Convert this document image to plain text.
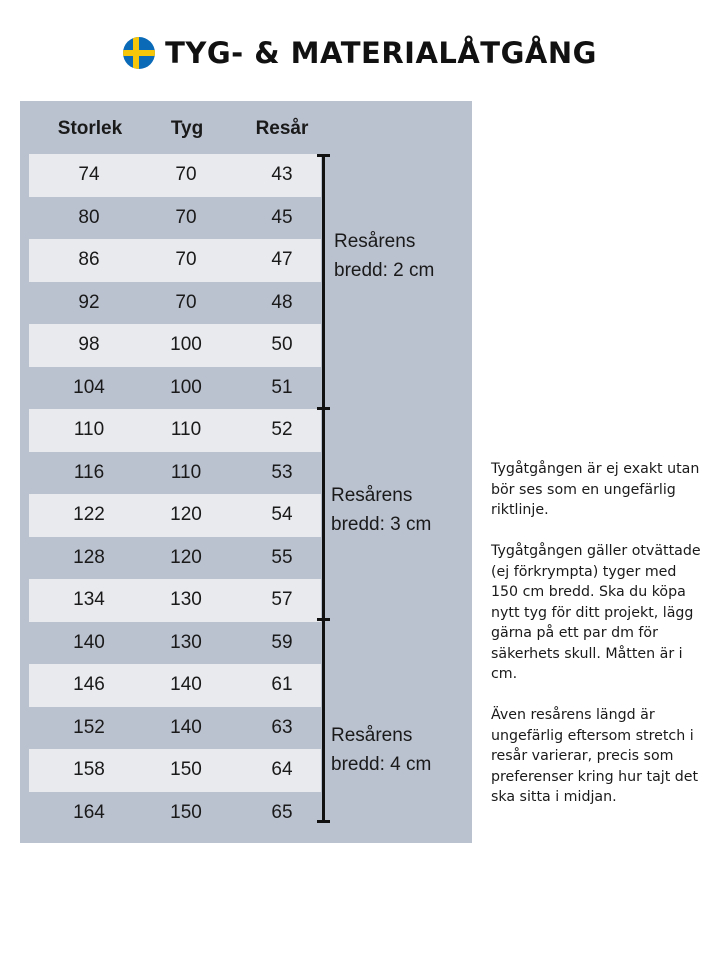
TYG- & MATERIALÅTGÅNG
Storlek	Tyg	Resår
74	70	43
80	70	45
86	70	47
92	70	48
98	100	50
104	100	51
110	110	52
116	110	53
122	120	54
128	120	55
134	130	57
140	130	59
146	140	61
152	140	63
158	150	64
164	150	65
Resårens
bredd: 2 cm
Resårens
bredd: 3 cm
Resårens
bredd: 4 cm

Tygåtgången är ej exakt utan bör ses som en ungefärlig riktlinje.

Tygåtgången gäller otvättade (ej förkrympta) tyger med 150 cm bredd. Ska du köpa nytt tyg för ditt projekt, lägg gärna på ett par dm för säkerhets skull. Måtten är i cm.

Även resårens längd är ungefärlig eftersom stretch i resår varierar, precis som preferenser kring hur tajt det ska sitta i midjan.
